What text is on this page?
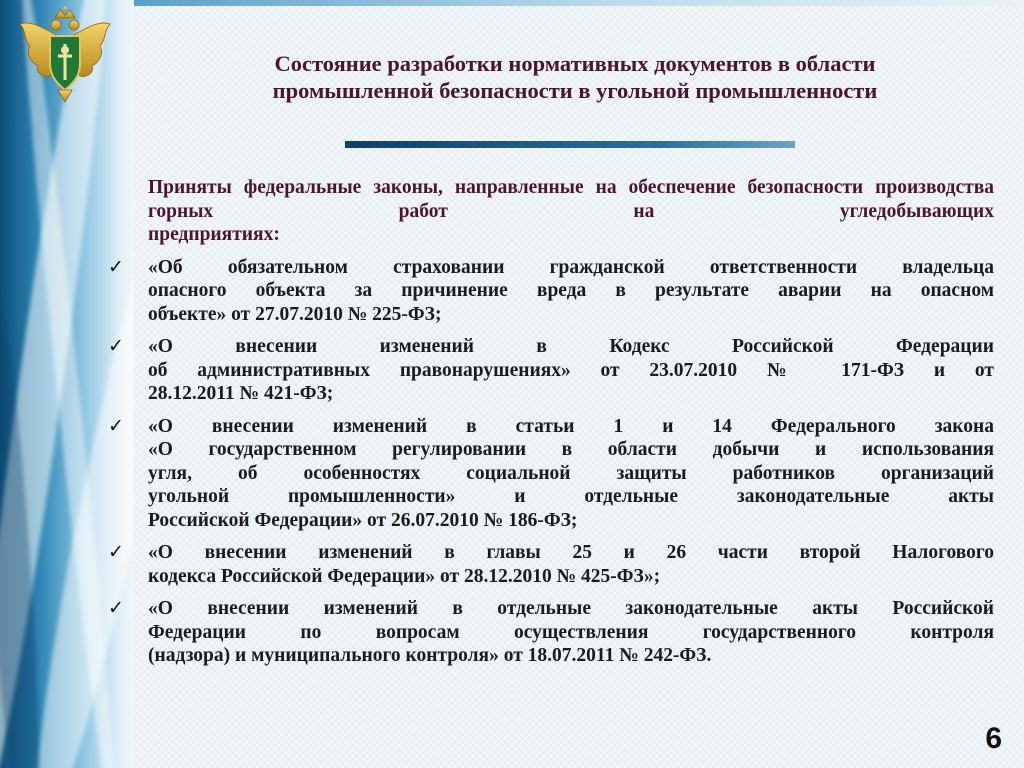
Состояние разработки нормативных документов в области
промышленной безопасности в угольной промышленности

Приняты федеральные законы, направленные на обеспечение безопасности производства горных работ на угледобывающих
предприятиях:

✓	«Об обязательном страховании гражданской ответственности владельца
опасного объекта за причинение вреда в результате аварии на опасном
объекте» от 27.07.2010 № 225-ФЗ;
✓	«О внесении изменений в Кодекс Российской Федерации
об административных правонарушениях» от 23.07.2010 № 171-ФЗ и от
28.12.2011 № 421-ФЗ;
✓	«О внесении изменений в статьи 1 и 14 Федерального закона
«О государственном регулировании в области добычи и использования
угля, об особенностях социальной защиты работников организаций
угольной промышленности» и отдельные законодательные акты
Российской Федерации» от 26.07.2010 № 186-ФЗ;
✓	«О внесении изменений в главы 25 и 26 части второй Налогового
кодекса Российской Федерации» от 28.12.2010 № 425-ФЗ»;
✓	«О внесении изменений в отдельные законодательные акты Российской
Федерации по вопросам осуществления государственного контроля
(надзора) и муниципального контроля» от 18.07.2011 № 242-ФЗ.
6
